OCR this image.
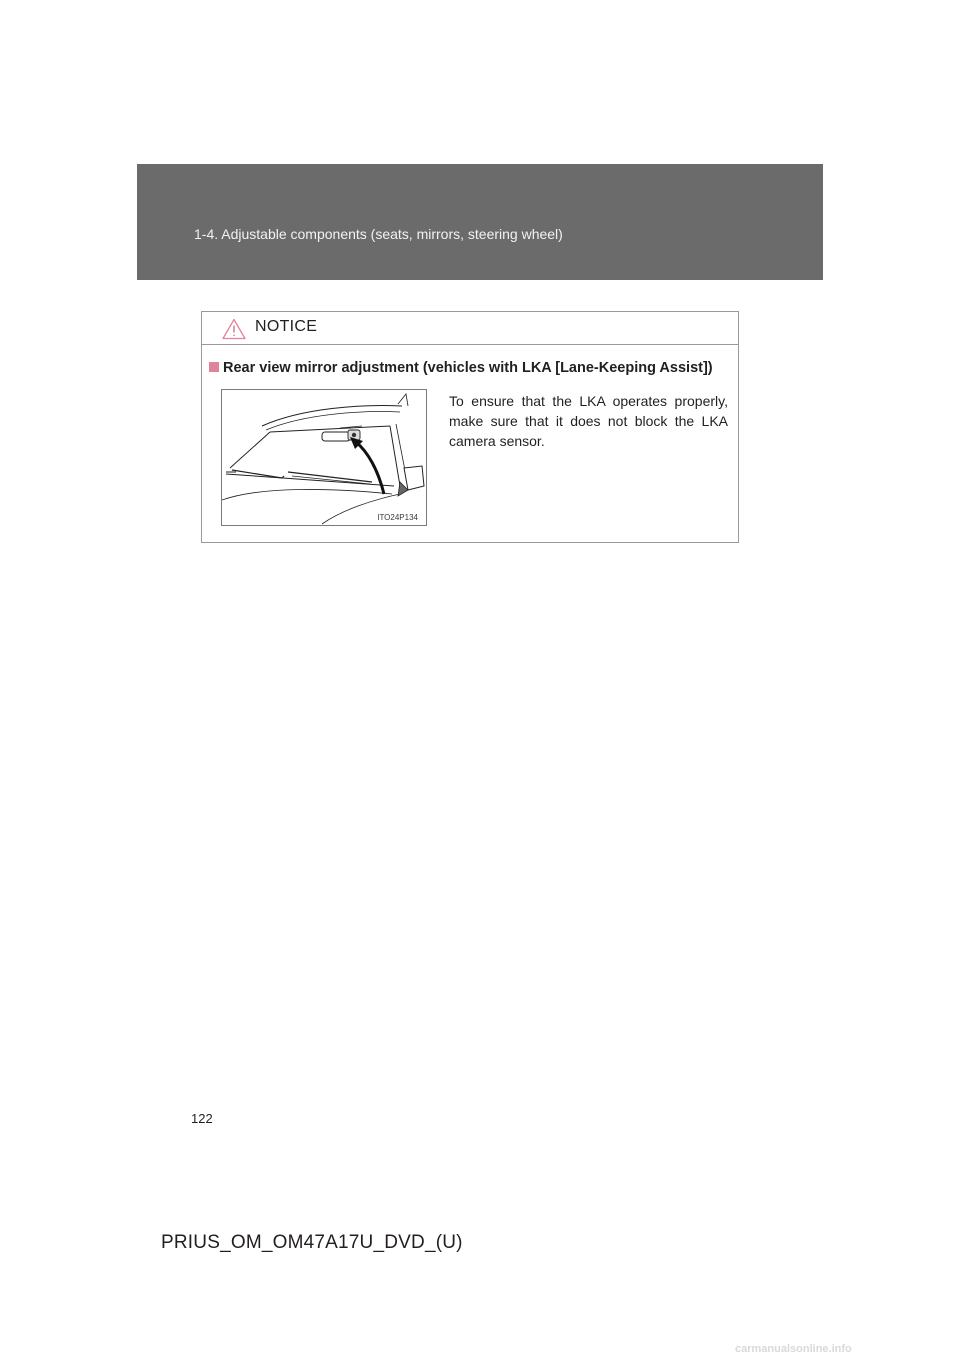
1-4. Adjustable components (seats, mirrors, steering wheel)
NOTICE
Rear view mirror adjustment (vehicles with LKA [Lane-Keeping Assist])
ITO24P134
To ensure that the LKA operates properly, make sure that it does not block the LKA camera sensor.
122
PRIUS_OM_OM47A17U_DVD_(U)
carmanualsonline.info
